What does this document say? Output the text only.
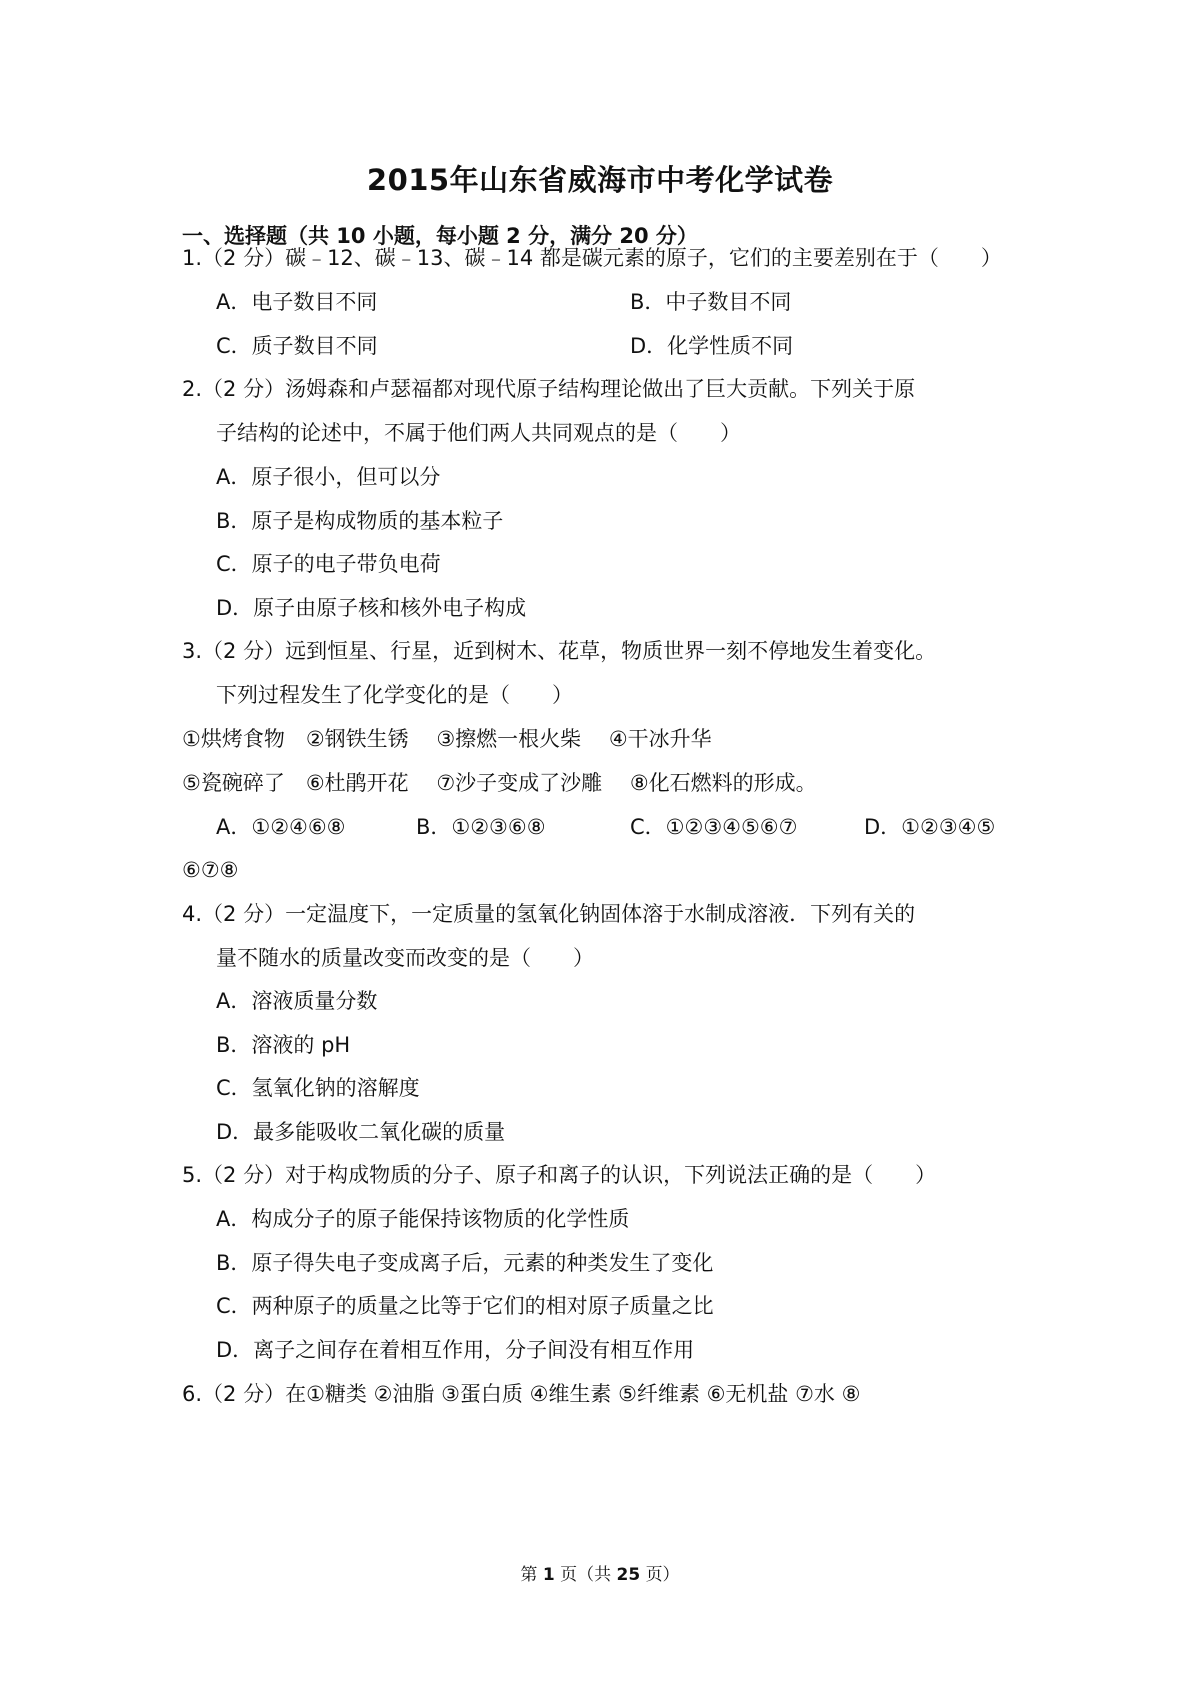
2015年山东省威海市中考化学试卷
一、选择题（共 10 小题，每小题 2 分，满分 20 分）
1.（2 分）碳﹣12、碳﹣13、碳﹣14 都是碳元素的原子，它们的主要差别在于（　　）
A．电子数目不同	B．中子数目不同
C．质子数目不同	D．化学性质不同
2.（2 分）汤姆森和卢瑟福都对现代原子结构理论做出了巨大贡献。下列关于原
子结构的论述中，不属于他们两人共同观点的是（　　）
A．原子很小，但可以分
B．原子是构成物质的基本粒子
C．原子的电子带负电荷
D．原子由原子核和核外电子构成
3.（2 分）远到恒星、行星，近到树木、花草，物质世界一刻不停地发生着变化。
下列过程发生了化学变化的是（　　）
①烘烤食物　②钢铁生锈　 ③擦燃一根火柴　 ④干冰升华
⑤瓷碗碎了　⑥杜鹃开花　 ⑦沙子变成了沙雕　 ⑧化石燃料的形成。
A．①②④⑥⑧	B．①②③⑥⑧	C．①②③④⑤⑥⑦	D．①②③④⑤
⑥⑦⑧
4.（2 分）一定温度下，一定质量的氢氧化钠固体溶于水制成溶液．下列有关的
量不随水的质量改变而改变的是（　　）
A．溶液质量分数
B．溶液的 pH
C．氢氧化钠的溶解度
D．最多能吸收二氧化碳的质量
5.（2 分）对于构成物质的分子、原子和离子的认识，下列说法正确的是（　　）
A．构成分子的原子能保持该物质的化学性质
B．原子得失电子变成离子后，元素的种类发生了变化
C．两种原子的质量之比等于它们的相对原子质量之比
D．离子之间存在着相互作用，分子间没有相互作用
6.（2 分）在①糖类 ②油脂 ③蛋白质 ④维生素 ⑤纤维素 ⑥无机盐 ⑦水 ⑧
第 1 页（共 25 页）
